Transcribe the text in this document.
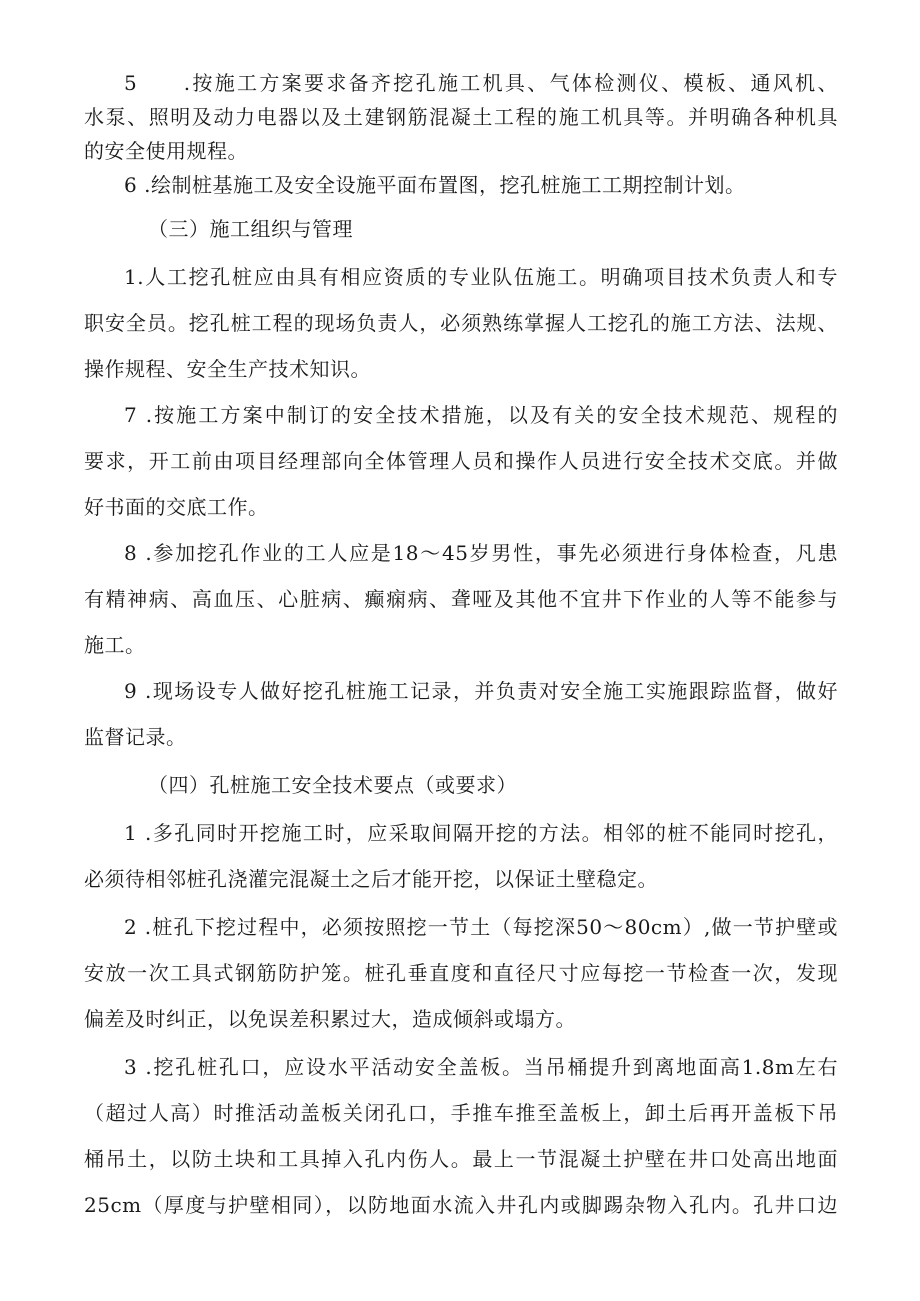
5　　.按施工方案要求备齐挖孔施工机具、气体检测仪、模板、通风机、
水泵、照明及动力电器以及土建钢筋混凝土工程的施工机具等。并明确各种机具
的安全使用规程。
6 .绘制桩基施工及安全设施平面布置图，挖孔桩施工工期控制计划。
（三）施工组织与管理
1.人工挖孔桩应由具有相应资质的专业队伍施工。明确项目技术负责人和专
职安全员。挖孔桩工程的现场负责人，必须熟练掌握人工挖孔的施工方法、法规、
操作规程、安全生产技术知识。
7 .按施工方案中制订的安全技术措施，以及有关的安全技术规范、规程的
要求，开工前由项目经理部向全体管理人员和操作人员进行安全技术交底。并做
好书面的交底工作。
8 .参加挖孔作业的工人应是18～45岁男性，事先必须进行身体检查，凡患
有精神病、高血压、心脏病、癫痫病、聋哑及其他不宜井下作业的人等不能参与
施工。
9 .现场设专人做好挖孔桩施工记录，并负责对安全施工实施跟踪监督，做好
监督记录。
（四）孔桩施工安全技术要点（或要求）
1 .多孔同时开挖施工时，应采取间隔开挖的方法。相邻的桩不能同时挖孔，
必须待相邻桩孔浇灌完混凝土之后才能开挖，以保证土壁稳定。
2 .桩孔下挖过程中，必须按照挖一节土（每挖深50～80cm）,做一节护壁或
安放一次工具式钢筋防护笼。桩孔垂直度和直径尺寸应每挖一节检查一次，发现
偏差及时纠正，以免误差积累过大，造成倾斜或塌方。
3 .挖孔桩孔口，应设水平活动安全盖板。当吊桶提升到离地面高1.8m左右
（超过人高）时推活动盖板关闭孔口，手推车推至盖板上，卸土后再开盖板下吊
桶吊土，以防土块和工具掉入孔内伤人。最上一节混凝土护壁在井口处高出地面
25cm（厚度与护壁相同），以防地面水流入井孔内或脚踢杂物入孔内。孔井口边
